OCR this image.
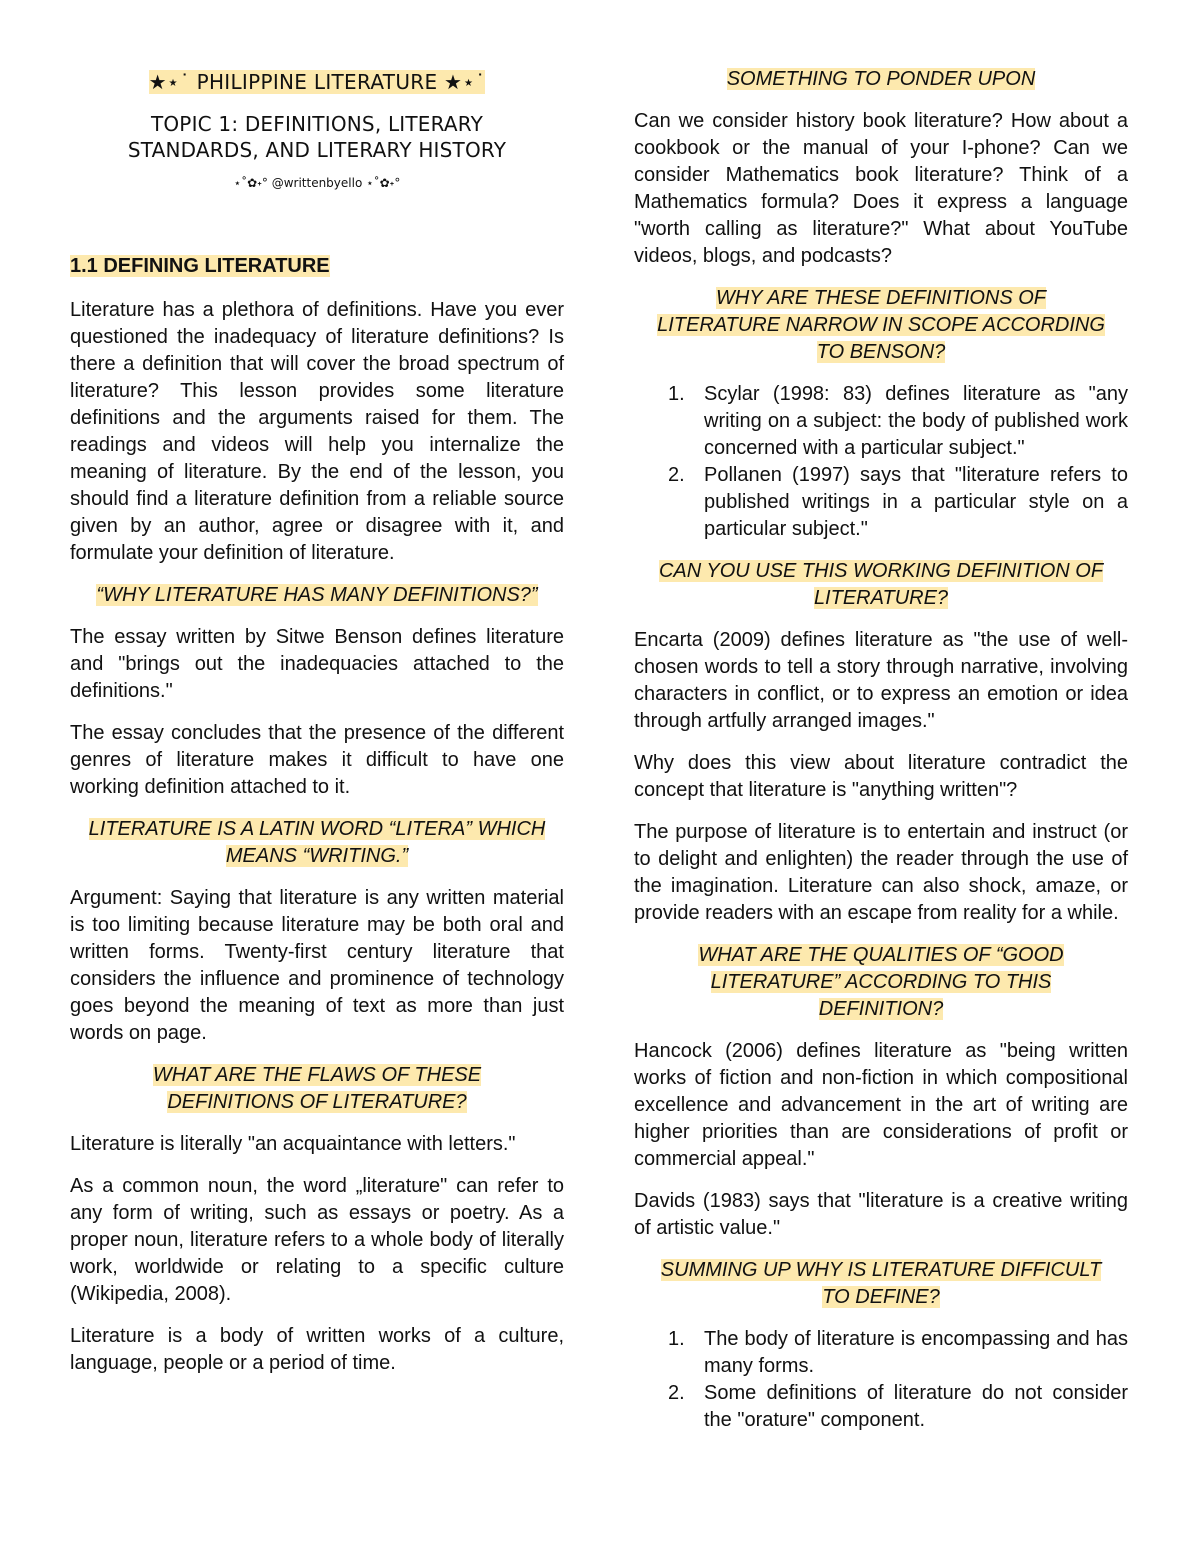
★⋆˙ PHILIPPINE LITERATURE ★⋆˙
TOPIC 1: DEFINITIONS, LITERARY
STANDARDS, AND LITERARY HISTORY
⋆˚✿˖° @writtenbyello ⋆˚✿˖°

1.1 DEFINING LITERATURE

Literature has a plethora of definitions. Have you ever questioned the inadequacy of literature definitions? Is there a definition that will cover the broad spectrum of literature? This lesson provides some literature definitions and the arguments raised for them. The readings and videos will help you internalize the meaning of literature. By the end of the lesson, you should find a literature definition from a reliable source given by an author, agree or disagree with it, and formulate your definition of literature.

“WHY LITERATURE HAS MANY DEFINITIONS?”

The essay written by Sitwe Benson defines literature and "brings out the inadequacies attached to the definitions."

The essay concludes that the presence of the different genres of literature makes it difficult to have one working definition attached to it.

LITERATURE IS A LATIN WORD “LITERA” WHICH
MEANS “WRITING.”

Argument: Saying that literature is any written material is too limiting because literature may be both oral and written forms. Twenty-first century literature that considers the influence and prominence of technology goes beyond the meaning of text as more than just words on page.

WHAT ARE THE FLAWS OF THESE
DEFINITIONS OF LITERATURE?

Literature is literally "an acquaintance with letters."

As a common noun, the word „literature" can refer to any form of writing, such as essays or poetry. As a proper noun, literature refers to a whole body of literally work, worldwide or relating to a specific culture (Wikipedia, 2008).

Literature is a body of written works of a culture, language, people or a period of time.

SOMETHING TO PONDER UPON

Can we consider history book literature? How about a cookbook or the manual of your I-phone? Can we consider Mathematics book literature? Think of a Mathematics formula? Does it express a language "worth calling as literature?" What about YouTube videos, blogs, and podcasts?

WHY ARE THESE DEFINITIONS OF
LITERATURE NARROW IN SCOPE ACCORDING
TO BENSON?

1. Scylar (1998: 83) defines literature as "any writing on a subject: the body of published work concerned with a particular subject."
2. Pollanen (1997) says that "literature refers to published writings in a particular style on a particular subject."

CAN YOU USE THIS WORKING DEFINITION OF
LITERATURE?

Encarta (2009) defines literature as "the use of well-chosen words to tell a story through narrative, involving characters in conflict, or to express an emotion or idea through artfully arranged images."

Why does this view about literature contradict the concept that literature is "anything written"?

The purpose of literature is to entertain and instruct (or to delight and enlighten) the reader through the use of the imagination. Literature can also shock, amaze, or provide readers with an escape from reality for a while.

WHAT ARE THE QUALITIES OF “GOOD
LITERATURE” ACCORDING TO THIS
DEFINITION?

Hancock (2006) defines literature as "being written works of fiction and non-fiction in which compositional excellence and advancement in the art of writing are higher priorities than are considerations of profit or commercial appeal."

Davids (1983) says that "literature is a creative writing of artistic value."

SUMMING UP WHY IS LITERATURE DIFFICULT
TO DEFINE?

1. The body of literature is encompassing and has many forms.
2. Some definitions of literature do not consider the "orature" component.
